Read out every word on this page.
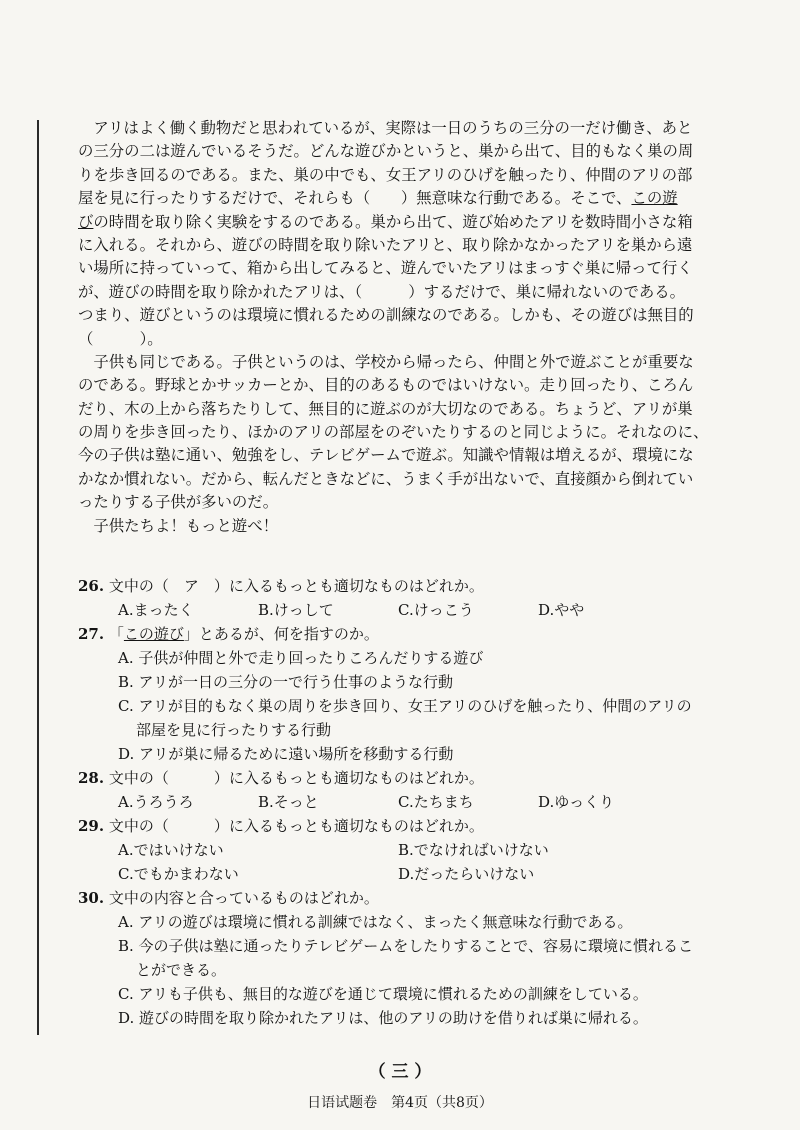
　アリはよく働く動物だと思われているが、実際は一日のうちの三分の一だけ働き、あと
の三分の二は遊んでいるそうだ。どんな遊びかというと、巣から出て、目的もなく巣の周
りを歩き回るのである。また、巣の中でも、女王アリのひげを触ったり、仲間のアリの部
屋を見に行ったりするだけで、それらも（　　）無意味な行動である。そこで、この遊
びの時間を取り除く実験をするのである。巣から出て、遊び始めたアリを数時間小さな箱
に入れる。それから、遊びの時間を取り除いたアリと、取り除かなかったアリを巣から遠
い場所に持っていって、箱から出してみると、遊んでいたアリはまっすぐ巣に帰って行く
が、遊びの時間を取り除かれたアリは、（　　　）するだけで、巣に帰れないのである。
つまり、遊びというのは環境に慣れるための訓練なのである。しかも、その遊びは無目的
（　　　）。
　子供も同じである。子供というのは、学校から帰ったら、仲間と外で遊ぶことが重要な
のである。野球とかサッカーとか、目的のあるものではいけない。走り回ったり、ころん
だり、木の上から落ちたりして、無目的に遊ぶのが大切なのである。ちょうど、アリが巣
の周りを歩き回ったり、ほかのアリの部屋をのぞいたりするのと同じように。それなのに、
今の子供は塾に通い、勉強をし、テレビゲームで遊ぶ。知識や情報は増えるが、環境にな
かなか慣れない。だから、転んだときなどに、うまく手が出ないで、直接顔から倒れてい
ったりする子供が多いのだ。
　子供たちよ！もっと遊べ！
26. 文中の（　ア　）に入るもっとも適切なものはどれか。
A.まったく	B.けっして	C.けっこう	D.やや
27. 「この遊び」とあるが、何を指すのか。
A. 子供が仲間と外で走り回ったりころんだりする遊び
B. アリが一日の三分の一で行う仕事のような行動
C. アリが目的もなく巣の周りを歩き回り、女王アリのひげを触ったり、仲間のアリの
部屋を見に行ったりする行動
D. アリが巣に帰るために遠い場所を移動する行動
28. 文中の（　　　）に入るもっとも適切なものはどれか。
A.うろうろ	B.そっと	C.たちまち	D.ゆっくり
29. 文中の（　　　）に入るもっとも適切なものはどれか。
A.ではいけない	B.でなければいけない
C.でもかまわない	D.だったらいけない
30. 文中の内容と合っているものはどれか。
A. アリの遊びは環境に慣れる訓練ではなく、まったく無意味な行動である。
B. 今の子供は塾に通ったりテレビゲームをしたりすることで、容易に環境に慣れるこ
とができる。
C. アリも子供も、無目的な遊びを通じて環境に慣れるための訓練をしている。
D. 遊びの時間を取り除かれたアリは、他のアリの助けを借りれば巣に帰れる。
（ 三 ）
日语试题卷　第4页（共8页）
